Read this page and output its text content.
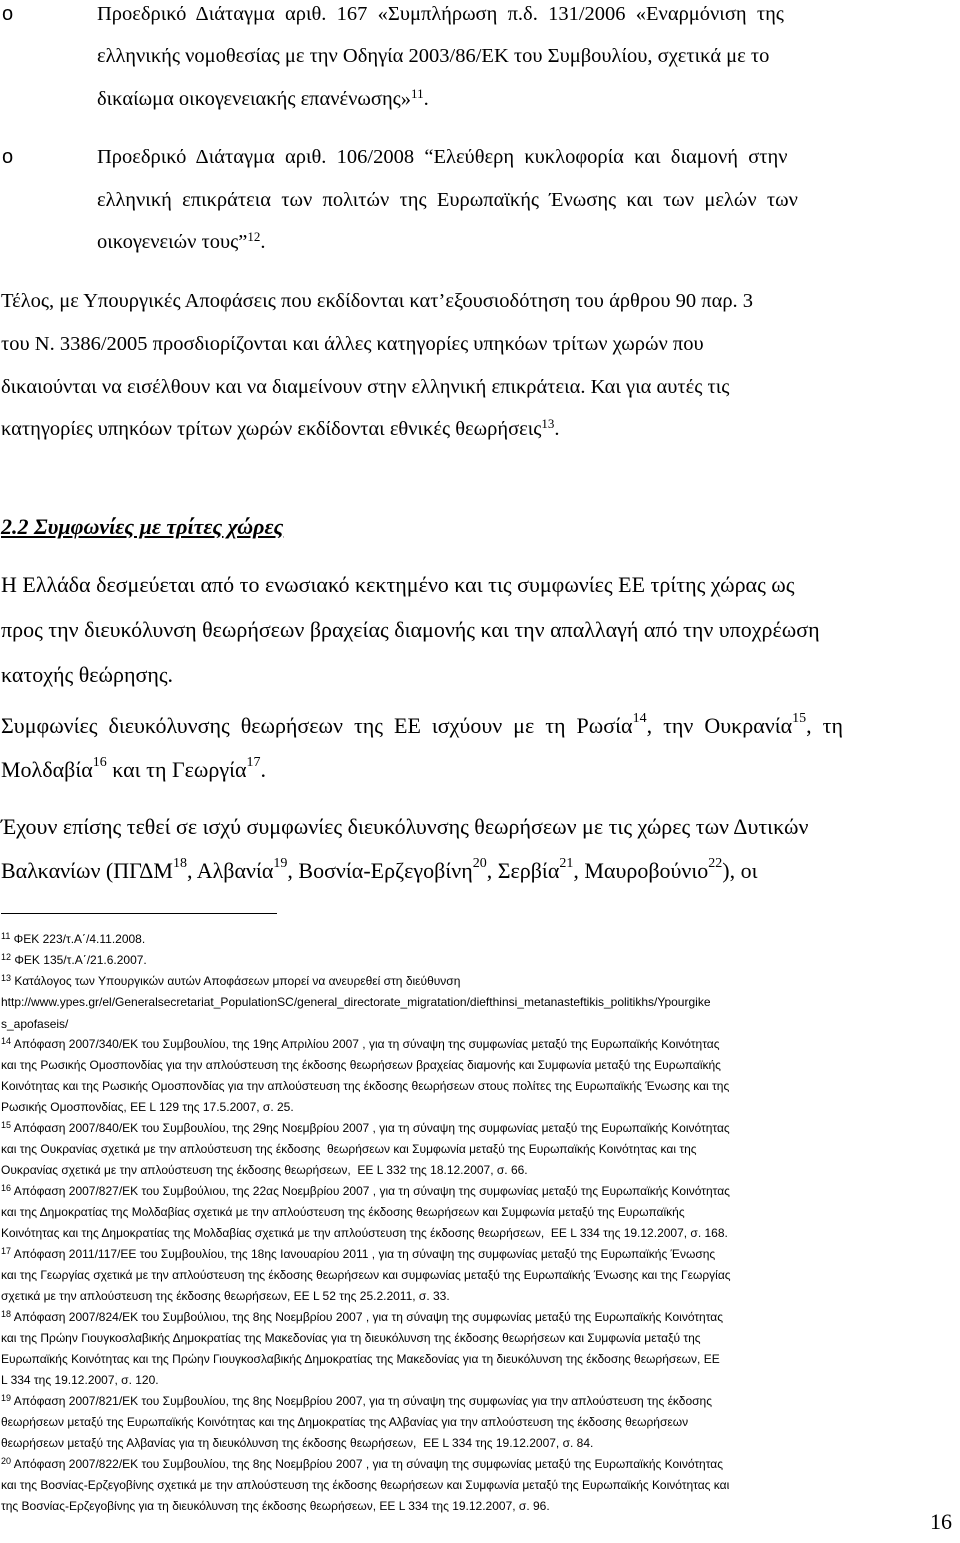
o	Προεδρικό  Διάταγμα  αριθ.  167  «Συμπλήρωση  π.δ.  131/2006  «Εναρμόνιση  της
ελληνικής νομοθεσίας με την Οδηγία 2003/86/ΕΚ του Συμβουλίου, σχετικά με το
δικαίωμα οικογενειακής επανένωσης»$^{11}$.
o	Προεδρικό  Διάταγμα  αριθ.  106/2008  “Ελεύθερη  κυκλοφορία  και  διαμονή  στην
ελληνική  επικράτεια  των  πολιτών  της  Ευρωπαϊκής  Ένωσης  και  των  μελών  των
οικογενειών τους”$^{12}$.
Τέλος, με Υπουργικές Αποφάσεις που εκδίδονται κατ’εξουσιοδότηση του άρθρου 90 παρ. 3
του Ν. 3386/2005 προσδιορίζονται και άλλες κατηγορίες υπηκόων τρίτων χωρών που
δικαιούνται να εισέλθουν και να διαμείνουν στην ελληνική επικράτεια. Και για αυτές τις
κατηγορίες υπηκόων τρίτων χωρών εκδίδονται εθνικές θεωρήσεις$^{13}$.
2.2 Συμφωνίες με τρίτες χώρες
Η Ελλάδα δεσμεύεται από το ενωσιακό κεκτημένο και τις συμφωνίες ΕΕ τρίτης χώρας ως
προς την διευκόλυνση θεωρήσεων βραχείας διαμονής και την απαλλαγή από την υποχρέωση
κατοχής θεώρησης.
Συμφωνίες  διευκόλυνσης  θεωρήσεων  της  ΕΕ  ισχύουν  με  τη  Ρωσία$^{14}$,  την  Ουκρανία$^{15}$,  τη
Μολδαβία$^{16}$ και τη Γεωργία$^{17}$.
Έχουν επίσης τεθεί σε ισχύ συμφωνίες διευκόλυνσης θεωρήσεων με τις χώρες των Δυτικών
Βαλκανίων (ΠΓΔΜ$^{18}$, Αλβανία$^{19}$, Βοσνία-Ερζεγοβίνη$^{20}$, Σερβία$^{21}$, Μαυροβούνιο$^{22}$), οι
$^{11}$ ΦΕΚ 223/τ.Α΄/4.11.2008.
$^{12}$ ΦΕΚ 135/τ.Α΄/21.6.2007.
$^{13}$ Κατάλογος των Υπουργικών αυτών Αποφάσεων μπορεί να ανευρεθεί στη διεύθυνση
http://www.ypes.gr/el/Generalsecretariat_PopulationSC/general_directorate_migratation/diefthinsi_metanasteftikis_politikhs/Ypourgike
s_apofaseis/
$^{14}$ Απόφαση 2007/340/ΕΚ του Συμβουλίου, της 19ης Απριλίου 2007 , για τη σύναψη της συμφωνίας μεταξύ της Ευρωπαϊκής Κοινότητας
και της Ρωσικής Ομοσπονδίας για την απλούστευση της έκδοσης θεωρήσεων βραχείας διαμονής και Συμφωνία μεταξύ της Ευρωπαϊκής
Κοινότητας και της Ρωσικής Ομοσπονδίας για την απλούστευση της έκδοσης θεωρήσεων στους πολίτες της Ευρωπαϊκής Ένωσης και της
Ρωσικής Ομοσπονδίας, ΕΕ L 129 της 17.5.2007, σ. 25.
$^{15}$ Απόφαση 2007/840/ΕΚ του Συμβουλίου, της 29ης Νοεμβρίου 2007 , για τη σύναψη της συμφωνίας μεταξύ της Ευρωπαϊκής Κοινότητας
και της Ουκρανίας σχετικά με την απλούστευση της έκδοσης  θεωρήσεων και Συμφωνία μεταξύ της Ευρωπαϊκής Κοινότητας και της
Ουκρανίας σχετικά με την απλούστευση της έκδοσης θεωρήσεων,  ΕΕ L 332 της 18.12.2007, σ. 66.
$^{16}$ Απόφαση 2007/827/ΕΚ του Συμβούλιου, της 22ας Νοεμβρίου 2007 , για τη σύναψη της συμφωνίας μεταξύ της Ευρωπαϊκής Κοινότητας
και της Δημοκρατίας της Μολδαβίας σχετικά με την απλούστευση της έκδοσης θεωρήσεων και Συμφωνία μεταξύ της Ευρωπαϊκής
Κοινότητας και της Δημοκρατίας της Μολδαβίας σχετικά με την απλούστευση της έκδοσης θεωρήσεων,  ΕΕ L 334 της 19.12.2007, σ. 168.
$^{17}$ Απόφαση 2011/117/ΕΕ του Συμβουλίου, της 18ης Ιανουαρίου 2011 , για τη σύναψη της συμφωνίας μεταξύ της Ευρωπαϊκής Ένωσης
και της Γεωργίας σχετικά με την απλούστευση της έκδοσης θεωρήσεων και συμφωνίας μεταξύ της Ευρωπαϊκής Ένωσης και της Γεωργίας
σχετικά με την απλούστευση της έκδοσης θεωρήσεων, ΕΕ L 52 της 25.2.2011, σ. 33.
$^{18}$ Απόφαση 2007/824/ΕΚ του Συμβούλιου, της 8ης Νοεμβρίου 2007 , για τη σύναψη της συμφωνίας μεταξύ της Ευρωπαϊκής Κοινότητας
και της Πρώην Γιουγκοσλαβικής Δημοκρατίας της Μακεδονίας για τη διευκόλυνση της έκδοσης θεωρήσεων και Συμφωνία μεταξύ της
Ευρωπαϊκής Κοινότητας και της Πρώην Γιουγκοσλαβικής Δημοκρατίας της Μακεδονίας για τη διευκόλυνση της έκδοσης θεωρήσεων, ΕΕ
L 334 της 19.12.2007, σ. 120.
$^{19}$ Απόφαση 2007/821/ΕΚ του Συμβουλίου, της 8ης Νοεμβρίου 2007, για τη σύναψη της συμφωνίας για την απλούστευση της έκδοσης
θεωρήσεων μεταξύ της Ευρωπαϊκής Κοινότητας και της Δημοκρατίας της Αλβανίας για την απλούστευση της έκδοσης θεωρήσεων
θεωρήσεων μεταξύ της Αλβανίας για τη διευκόλυνση της έκδοσης θεωρήσεων,  ΕΕ L 334 της 19.12.2007, σ. 84.
$^{20}$ Απόφαση 2007/822/ΕΚ του Συμβουλίου, της 8ης Νοεμβρίου 2007 , για τη σύναψη της συμφωνίας μεταξύ της Ευρωπαϊκής Κοινότητας
και της Βοσνίας-Ερζεγοβίνης σχετικά με την απλούστευση της έκδοσης θεωρήσεων και Συμφωνία μεταξύ της Ευρωπαϊκής Κοινότητας και
της Βοσνίας-Ερζεγοβίνης για τη διευκόλυνση της έκδοσης θεωρήσεων, ΕΕ L 334 της 19.12.2007, σ. 96.
16
